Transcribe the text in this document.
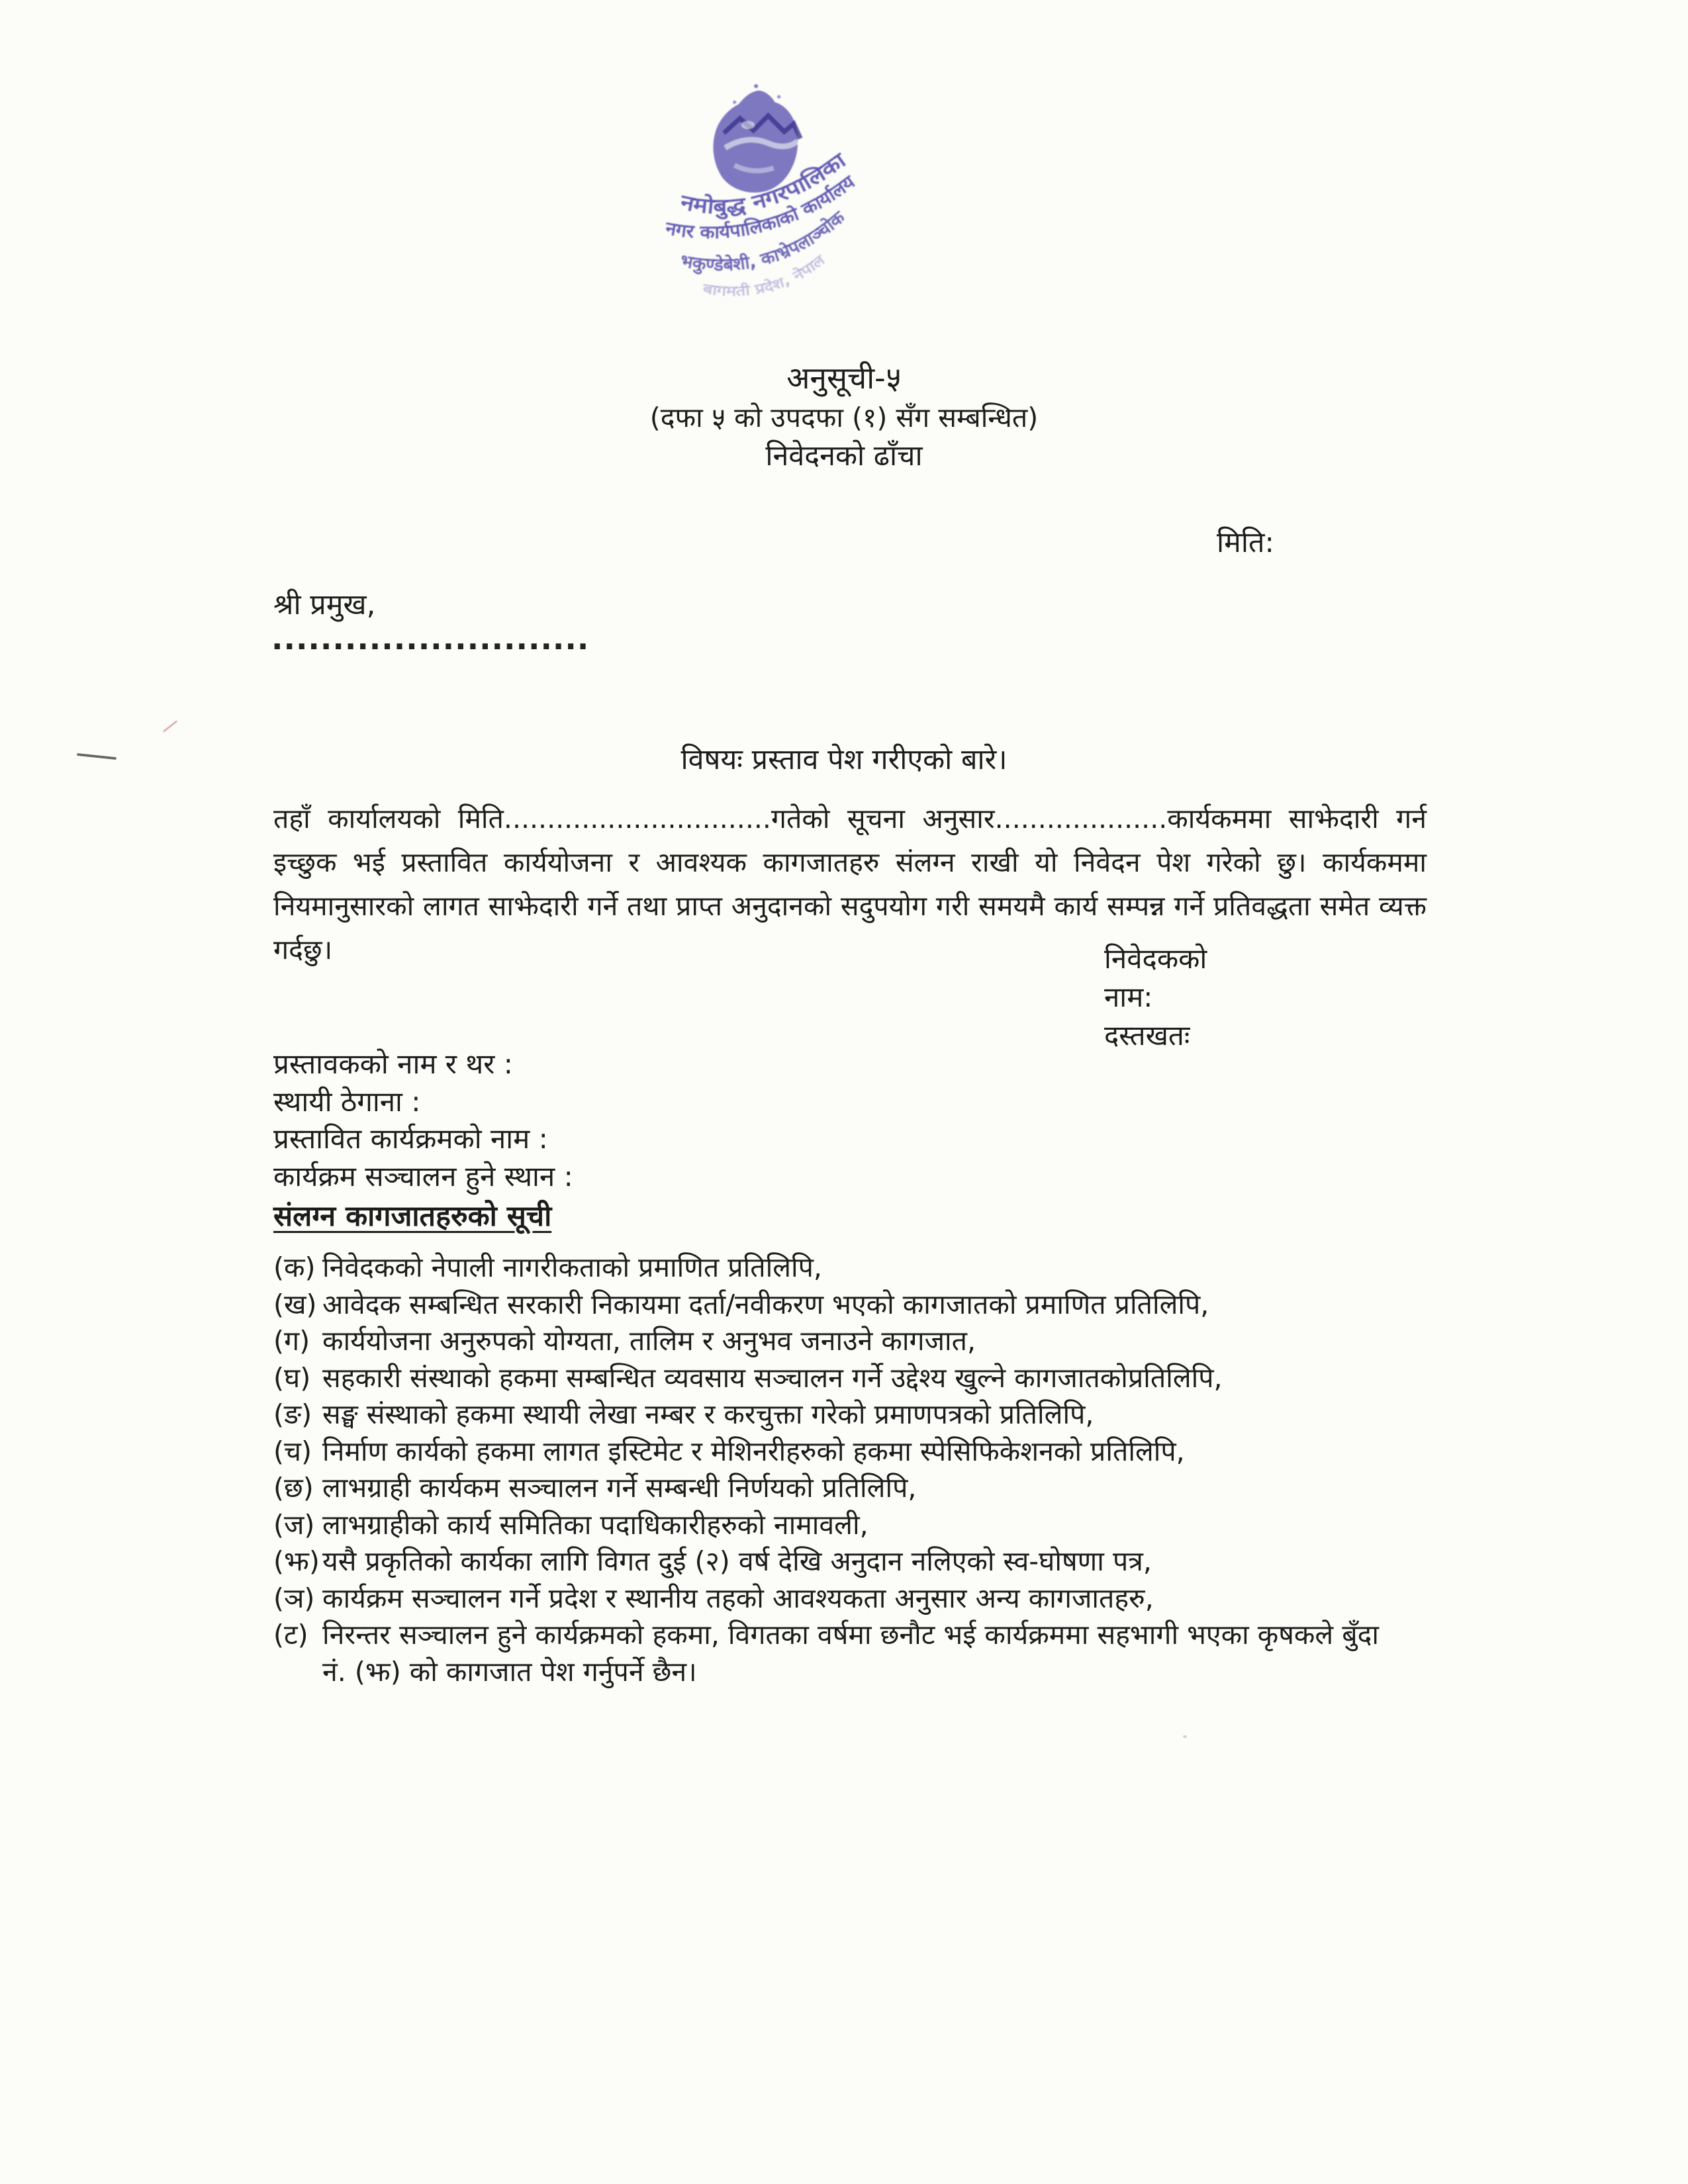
नमोबुद्ध नगरपालिका
नगर कार्यपालिकाको कार्यालय
भकुण्डेबेशी, काभ्रेपलाञ्चोक
बागमती प्रदेश, नेपाल
अनुसूची-५
(दफा ५ को उपदफा (१) सँग सम्बन्धित)
निवेदनको ढाँचा
मिति:
श्री प्रमुख,
..........................
विषयः प्रस्ताव पेश गरीएको बारे।
तहाँ कार्यालयको मिति...............................गतेको सूचना अनुसार....................कार्यकममा साझेदारी गर्न इच्छुक भई प्रस्तावित कार्ययोजना र आवश्यक कागजातहरु संलग्न राखी यो निवेदन पेश गरेको छु। कार्यकममा नियमानुसारको लागत साझेदारी गर्ने तथा प्राप्त अनुदानको सदुपयोग गरी समयमै कार्य सम्पन्न गर्ने प्रतिवद्धता समेत व्यक्त गर्दछु।	निवेदकको
नाम:
दस्तखतः
प्रस्तावकको नाम र थर :
स्थायी ठेगाना :
प्रस्तावित कार्यक्रमको नाम :
कार्यक्रम सञ्चालन हुने स्थान :
संलग्न कागजातहरुको सूची
(क) निवेदकको नेपाली नागरीकताको प्रमाणित प्रतिलिपि,
(ख) आवेदक सम्बन्धित सरकारी निकायमा दर्ता/नवीकरण भएको कागजातको प्रमाणित प्रतिलिपि,
(ग) कार्ययोजना अनुरुपको योग्यता, तालिम र अनुभव जनाउने कागजात,
(घ) सहकारी संस्थाको हकमा सम्बन्धित व्यवसाय सञ्चालन गर्ने उद्देश्य खुल्ने कागजातकोप्रतिलिपि,
(ङ) सङ्घ संस्थाको हकमा स्थायी लेखा नम्बर र करचुक्ता गरेको प्रमाणपत्रको प्रतिलिपि,
(च) निर्माण कार्यको हकमा लागत इस्टिमेट र मेशिनरीहरुको हकमा स्पेसिफिकेशनको प्रतिलिपि,
(छ) लाभग्राही कार्यकम सञ्चालन गर्ने सम्बन्धी निर्णयको प्रतिलिपि,
(ज) लाभग्राहीको कार्य समितिका पदाधिकारीहरुको नामावली,
(झ) यसै प्रकृतिको कार्यका लागि विगत दुई (२) वर्ष देखि अनुदान नलिएको स्व-घोषणा पत्र,
(ञ) कार्यक्रम सञ्चालन गर्ने प्रदेश र स्थानीय तहको आवश्यकता अनुसार अन्य कागजातहरु,
(ट) निरन्तर सञ्चालन हुने कार्यक्रमको हकमा, विगतका वर्षमा छनौट भई कार्यक्रममा सहभागी भएका कृषकले बुँदा नं. (झ) को कागजात पेश गर्नुपर्ने छैन।
